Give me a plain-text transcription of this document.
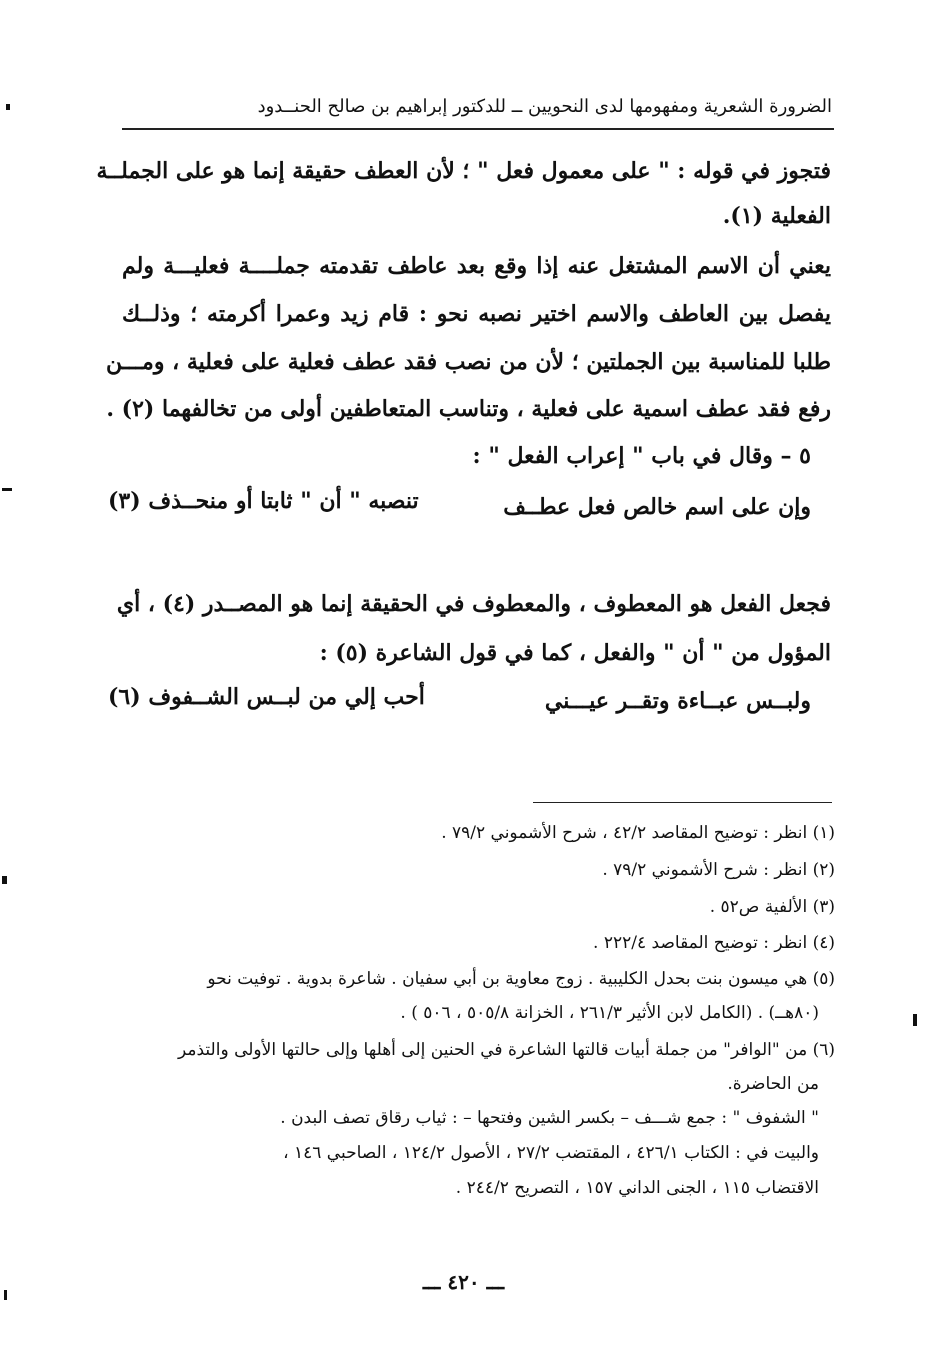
الضرورة الشعرية ومفهومها لدى النحويين ــ للدكتور إبراهيم بن صالح الحنــدود
فتجوز في قوله : " على معمول فعل " ؛ لأن العطف حقيقة إنما هو على الجملــة
الفعلية (١).
يعني أن الاسم المشتغل عنه إذا وقع بعد عاطف تقدمته جملــــة فعليـــة ولم
يفصل بين العاطف والاسم اختير نصبه نحو : قام زيد وعمرا أكرمته ؛ وذلــك
طلبا للمناسبة بين الجملتين ؛ لأن من نصب فقد عطف فعلية على فعلية ، ومـــن
رفع فقد عطف اسمية على فعلية ، وتناسب المتعاطفين أولى من تخالفهما (٢) .
٥ – وقال في باب " إعراب الفعل " :
وإن على اسم خالص فعل عطــف
تنصبه " أن " ثابتا أو منحــذف (٣)
فجعل الفعل هو المعطوف ، والمعطوف في الحقيقة إنما هو المصــدر (٤) ، أي
المؤول من " أن " والفعل ، كما في قول الشاعرة (٥) :
ولبــس عبــاءة وتقــر عيـــني
أحب إلي من لبــس الشــفوف (٦)
(١) انظر : توضيح المقاصد ٤٢/٢ ، شرح الأشموني ٧٩/٢ .
(٢) انظر : شرح الأشموني ٧٩/٢ .
(٣) الألفية ص٥٢ .
(٤) انظر : توضيح المقاصد ٢٢٢/٤ .
(٥) هي ميسون بنت بحدل الكليبية . زوج معاوية بن أبي سفيان . شاعرة بدوية . توفيت نحو
(٨٠هــ) . (الكامل لابن الأثير ٢٦١/٣ ، الخزانة ٥٠٥/٨ ، ٥٠٦ ) .
(٦) من "الوافر" من جملة أبيات قالتها الشاعرة في الحنين إلى أهلها وإلى حالتها الأولى والتذمر
من الحاضرة.
" الشفوف " : جمع شـــف – بكسر الشين وفتحها – : ثياب رقاق تصف البدن .
والبيت في : الكتاب ٤٢٦/١ ، المقتضب ٢٧/٢ ، الأصول ١٢٤/٢ ، الصاحبي ١٤٦ ،
الاقتضاب ١١٥ ، الجنى الداني ١٥٧ ، التصريح ٢٤٤/٢ .
ـــ ٤٢٠ ـــ
